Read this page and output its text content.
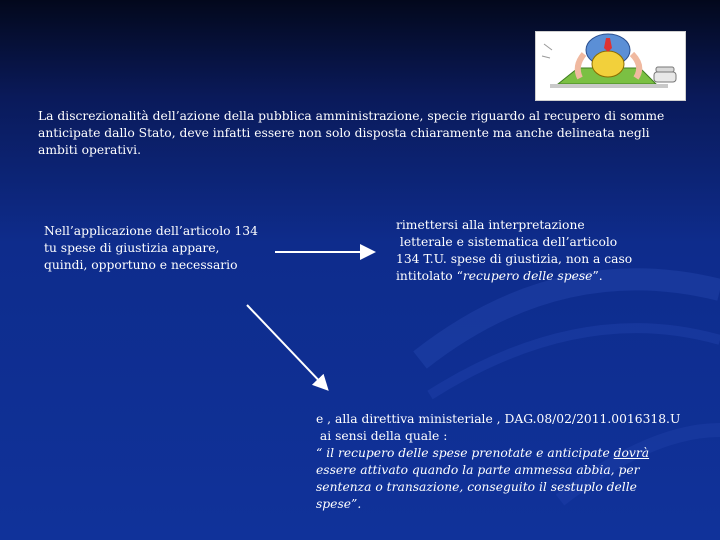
La discrezionalità dell’azione della pubblica amministrazione, specie riguardo al recupero di somme anticipate dallo Stato, deve infatti essere non solo disposta chiaramente ma anche delineata negli ambiti operativi.
Nell’applicazione dell’articolo 134 tu spese di giustizia appare, quindi, opportuno e necessario
rimettersi alla interpretazione
letterale e sistematica dell’articolo
134 T.U. spese di giustizia, non a caso
intitolato “recupero delle spese”.
e , alla direttiva ministeriale , DAG.08/02/2011.0016318.U
ai sensi della quale :
“ il recupero delle spese prenotate e anticipate dovrà essere attivato quando la parte ammessa abbia, per sentenza o transazione, conseguito il sestuplo delle spese”.
